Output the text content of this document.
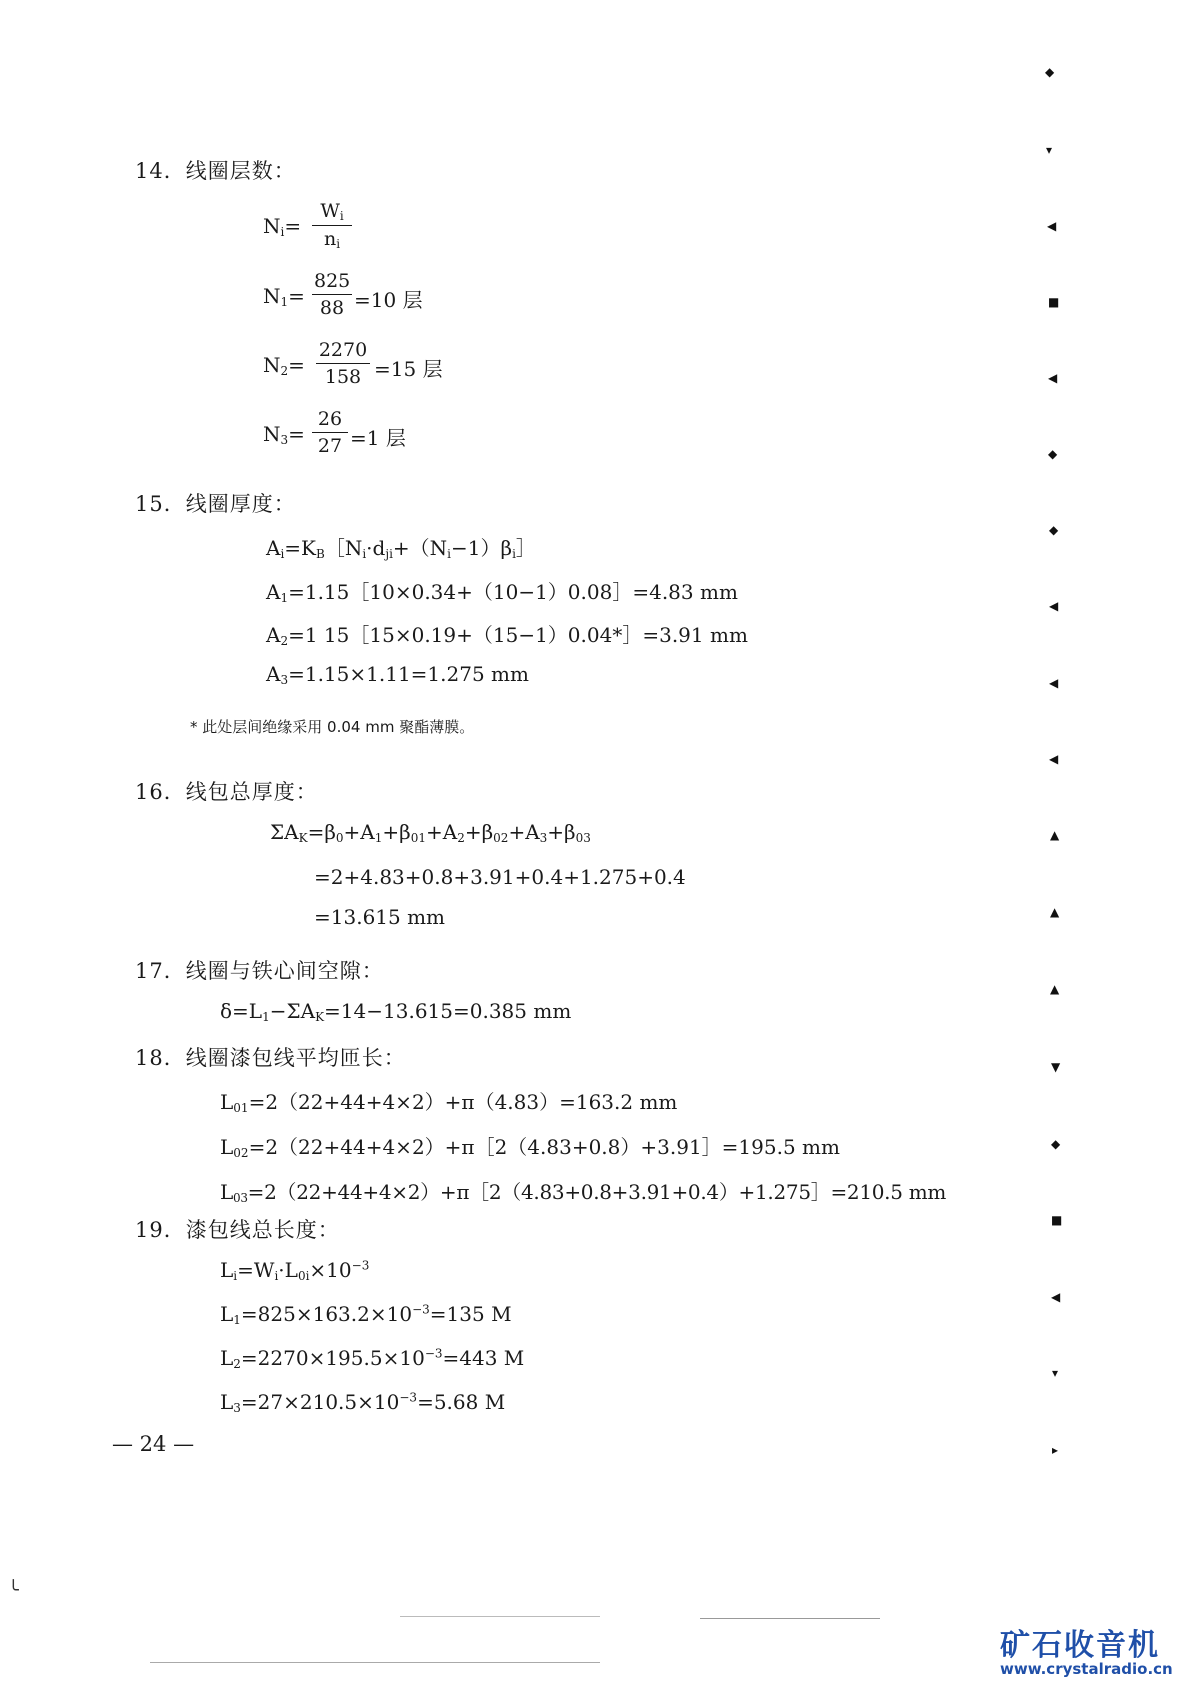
14．线圈层数：
$N_i= \frac{W_i}{n_i}$
$N_1= \frac{825}{88} =10$ 层
$N_2= \frac{2270}{158} =15$ 层
$N_3= \frac{26}{27} =1$ 层
15．线圈厚度：
$A_i=K_B[N_i\cdot d_{ji}+(N_i-1)\beta_i]$
$A_1=1.15[10\times 0.34+(10-1)0.08]=4.83$ mm
$A_2=1$ 15［15×0.19+（15−1）0.04*］=3.91 mm
$A_3=1.15\times 1.11=1.275$ mm
* 此处层间绝缘采用 0.04 mm 聚酯薄膜。
16．线包总厚度：
$\Sigma A_K=\beta_0+A_1+\beta_{01}+A_2+\beta_{02}+A_3+\beta_{03}$
=2+4.83+0.8+3.91+0.4+1.275+0.4
=13.615 mm
17．线圈与铁心间空隙：
$\delta=L_1-\Sigma A_K=14-13.615=0.385$ mm
18．线圈漆包线平均匝长：
$L_{01}=2(22+44+4\times 2)+\pi(4.83)=163.2$ mm
$L_{02}=2(22+44+4\times 2)+\pi[2(4.83+0.8)+3.91]=195.5$ mm
$L_{03}=2(22+44+4\times 2)+\pi[2(4.83+0.8+3.91+0.4)+1.275]=210.5$ mm
19．漆包线总长度：
$L_i=W_i\cdot L_{0i}\times 10^{-3}$
$L_1=825\times 163.2\times 10^{-3}=135$ M
$L_2=2270\times 195.5\times 10^{-3}=443$ M
$L_3=27\times 210.5\times 10^{-3}=5.68$ M
— 24 —
◆
▾
◀
■
◀
◆
◆
◀
◀
◀
▲
▲
▲
▼
◆
■
◀
▾
▸
╰
矿石收音机
www.crystalradio.cn
